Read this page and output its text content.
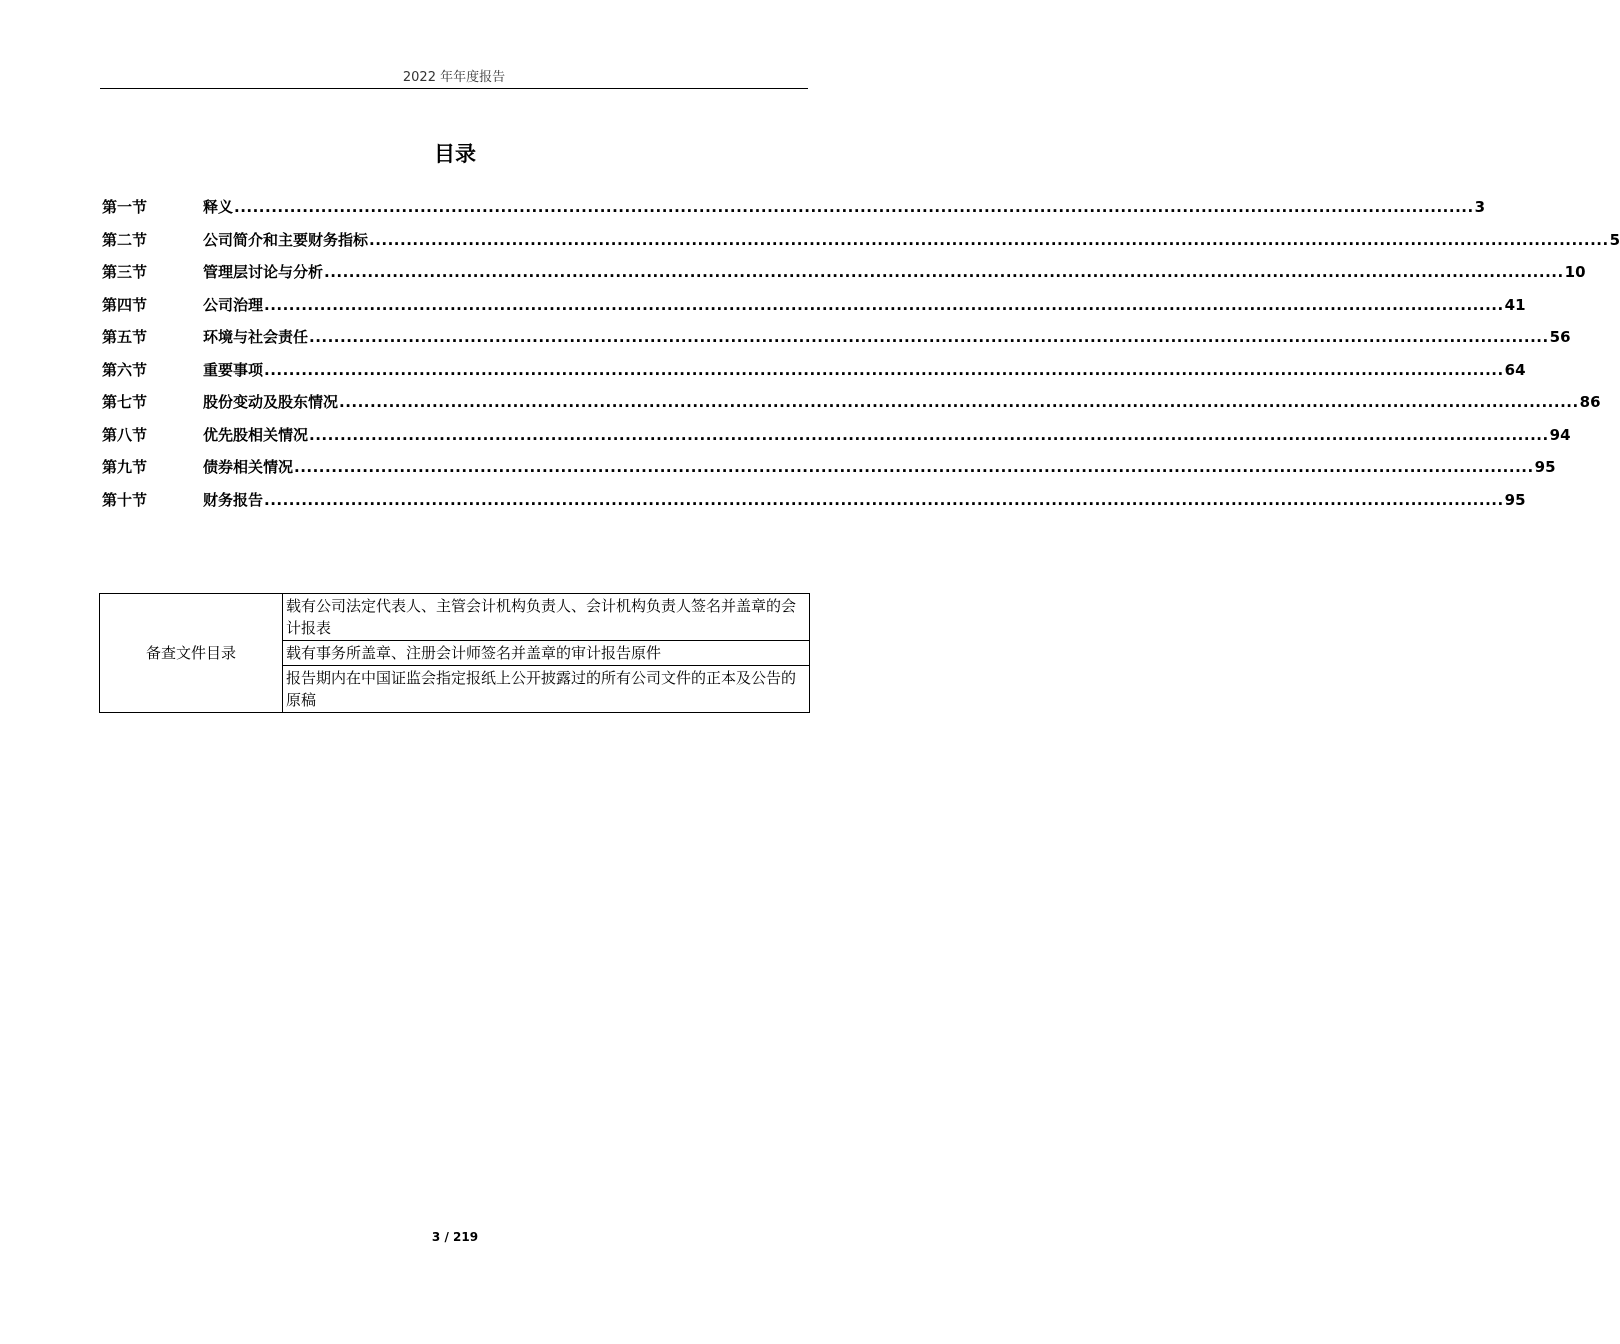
2022 年年度报告
目录
第一节	释义 ........................................................................................................................................................................................................ 3
第二节	公司简介和主要财务指标 ........................................................................................................................................................................................................ 5
第三节	管理层讨论与分析 ........................................................................................................................................................................................................ 10
第四节	公司治理 ........................................................................................................................................................................................................ 41
第五节	环境与社会责任 ........................................................................................................................................................................................................ 56
第六节	重要事项 ........................................................................................................................................................................................................ 64
第七节	股份变动及股东情况 ........................................................................................................................................................................................................ 86
第八节	优先股相关情况 ........................................................................................................................................................................................................ 94
第九节	债券相关情况 ........................................................................................................................................................................................................ 95
第十节	财务报告 ........................................................................................................................................................................................................ 95
备查文件目录	载有公司法定代表人、主管会计机构负责人、会计机构负责人签名并盖章的会计报表
载有事务所盖章、注册会计师签名并盖章的审计报告原件
报告期内在中国证监会指定报纸上公开披露过的所有公司文件的正本及公告的原稿
3 / 219
